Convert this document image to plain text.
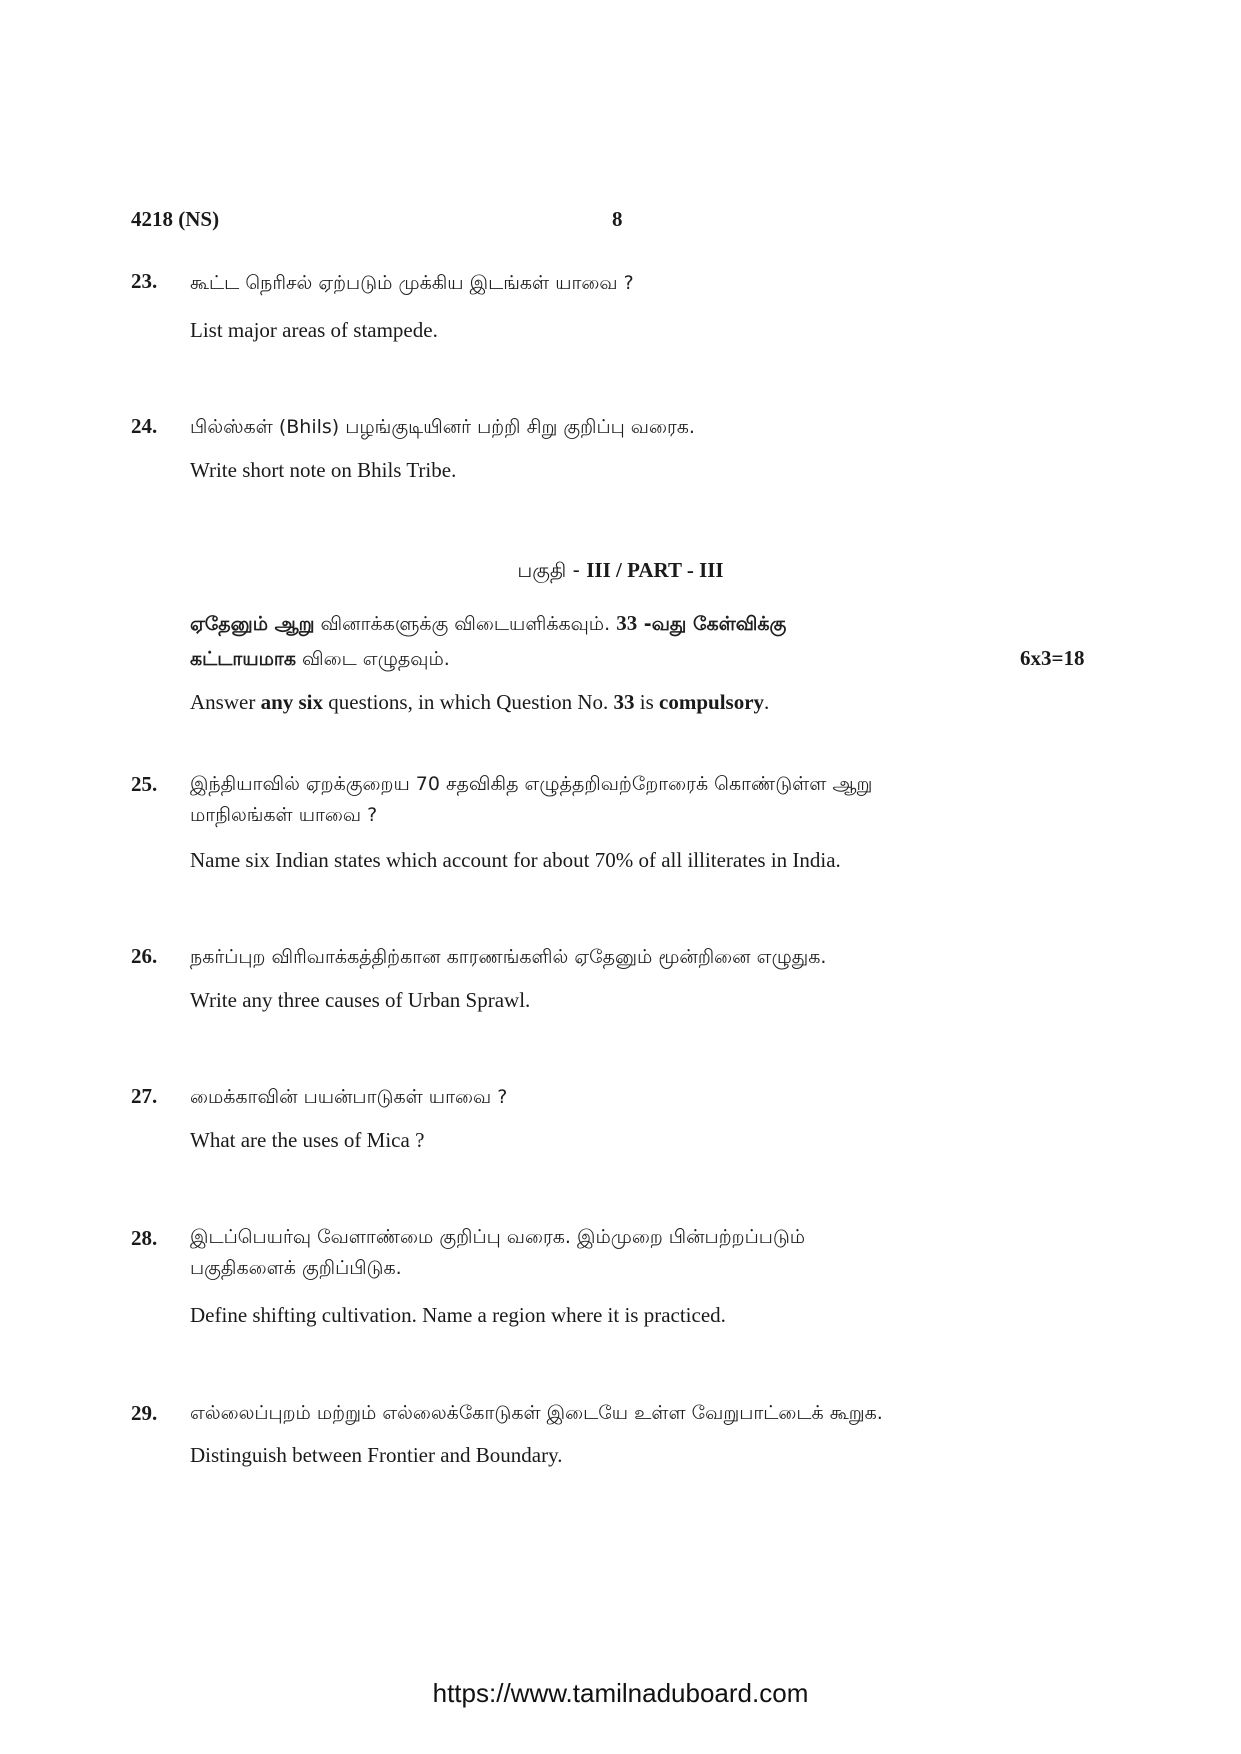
4218 (NS)	8
23. கூட்ட நெரிசல் ஏற்படும் முக்கிய இடங்கள் யாவை ?
List major areas of stampede.
24. பில்ஸ்கள் (Bhils) பழங்குடியினர் பற்றி சிறு குறிப்பு வரைக.
Write short note on Bhils Tribe.
பகுதி - III / PART - III
ஏதேனும் ஆறு வினாக்களுக்கு விடையளிக்கவும். 33 -வது கேள்விக்கு
கட்டாயமாக விடை எழுதவும்.	6x3=18
Answer any six questions, in which Question No. 33 is compulsory.
25. இந்தியாவில் ஏறக்குறைய 70 சதவிகித எழுத்தறிவற்றோரைக் கொண்டுள்ள ஆறு
மாநிலங்கள் யாவை ?
Name six Indian states which account for about 70% of all illiterates in India.
26. நகர்ப்புற விரிவாக்கத்திற்கான காரணங்களில் ஏதேனும் மூன்றினை எழுதுக.
Write any three causes of Urban Sprawl.
27. மைக்காவின் பயன்பாடுகள் யாவை ?
What are the uses of Mica ?
28. இடப்பெயர்வு வேளாண்மை குறிப்பு வரைக. இம்முறை பின்பற்றப்படும்
பகுதிகளைக் குறிப்பிடுக.
Define shifting cultivation. Name a region where it is practiced.
29. எல்லைப்புறம் மற்றும் எல்லைக்கோடுகள் இடையே உள்ள வேறுபாட்டைக் கூறுக.
Distinguish between Frontier and Boundary.
https://www.tamilnaduboard.com
